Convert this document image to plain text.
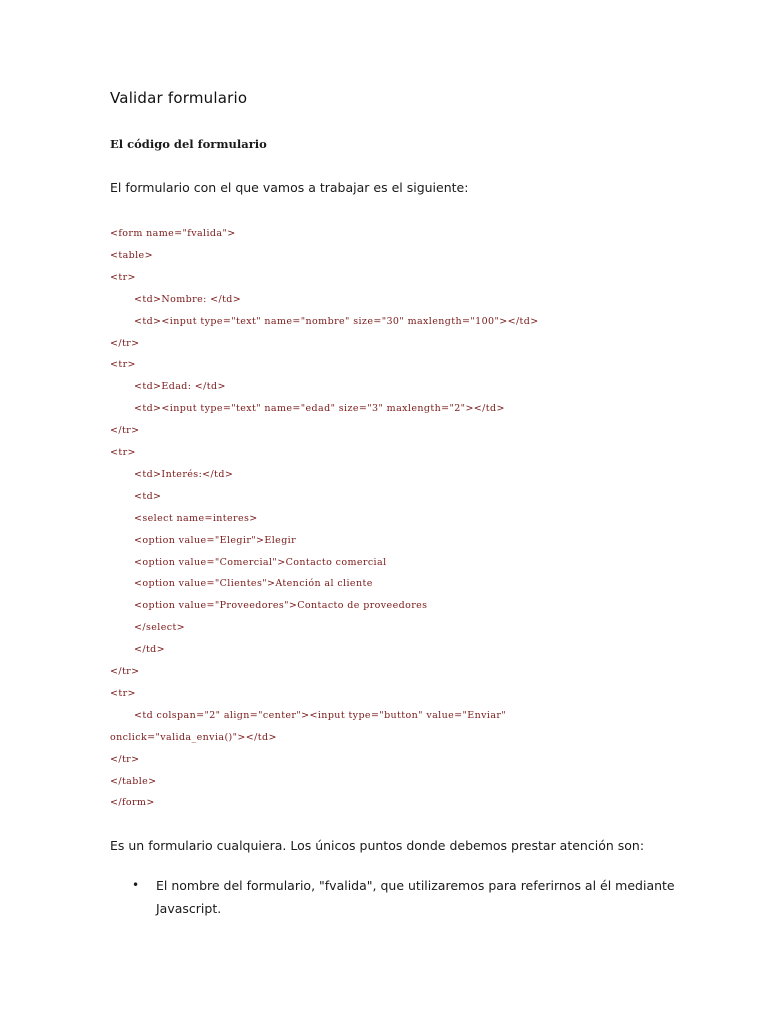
Validar formulario
El código del formulario
El formulario con el que vamos a trabajar es el siguiente:
<form name="fvalida">
<table>
<tr>
<td>Nombre: </td>
<td><input type="text" name="nombre" size="30" maxlength="100"></td>
</tr>
<tr>
<td>Edad: </td>
<td><input type="text" name="edad" size="3" maxlength="2"></td>
</tr>
<tr>
<td>Interés:</td>
<td>
<select name=interes>
<option value="Elegir">Elegir
<option value="Comercial">Contacto comercial
<option value="Clientes">Atención al cliente
<option value="Proveedores">Contacto de proveedores
</select>
</td>
</tr>
<tr>
<td colspan="2" align="center"><input type="button" value="Enviar"
onclick="valida_envia()"></td>
</tr>
</table>
</form>
Es un formulario cualquiera. Los únicos puntos donde debemos prestar atención son:
• El nombre del formulario, "fvalida", que utilizaremos para referirnos al él mediante Javascript.
